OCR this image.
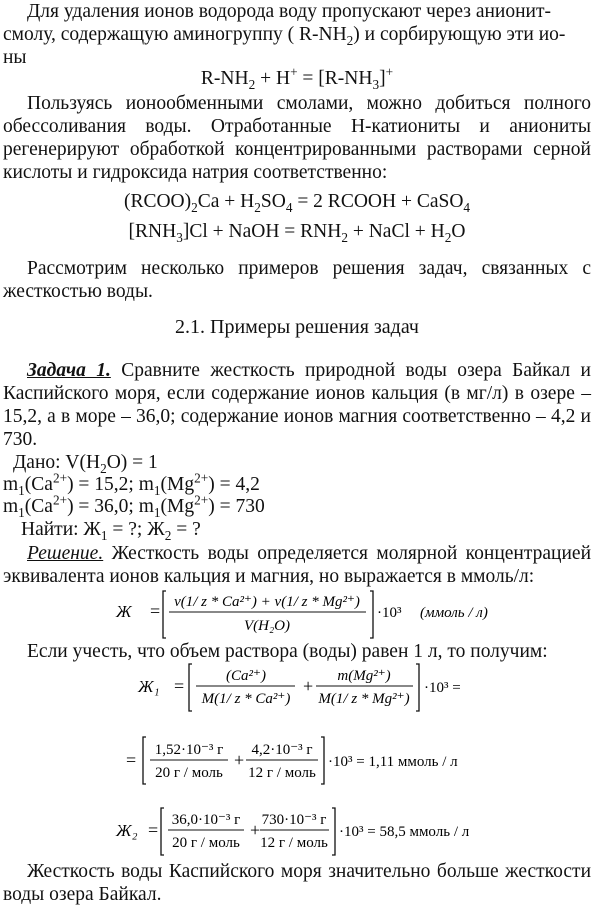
Для удаления ионов водорода воду пропускают через анионит-
смолу, содержащую аминогруппу ( $R-NH_2$) и сорбирующую эти ио-
ны
$R-NH_2 + H^+ = [R-NH_3]^+$

Пользуясь ионообменными смолами, можно добиться полного обессоливания воды. Отработанные Н-катиониты и аниониты регенерируют обработкой концентрированными растворами серной кислоты и гидроксида натрия соответственно:

$(RCOO)_2Ca + H_2SO_4 = 2$ RCOOH + CaSO$_4$
$[RNH_3]Cl$ + NaOH = $RNH_2$ + NaCl + $H_2O$

Рассмотрим несколько примеров решения задач, связанных с жесткостью воды.

2.1. Примеры решения задач

Задача 1. Сравните жесткость природной воды озера Байкал и Каспийского моря, если содержание ионов кальция (в мг/л) в озере – 15,2, а в море – 36,0; содержание ионов магния соответственно – 4,2 и 730.

Дано: $V(H_2O) = 1$
$m_1(Ca^{2+}) = 15,2$; $m_1(Mg^{2+}) = 4,2$
$m_1(Ca^{2+}) = 36,0$; $m_1(Mg^{2+}) = 730$
Найти: $Ж_1$ = ?; $Ж_2$ = ?

Решение. Жесткость воды определяется молярной концентрацией эквивалента ионов кальция и магния, но выражается в ммоль/л:

Ж = ν(1/ z * Ca²⁺) + ν(1/ z * Mg²⁺)
V(H₂O)
·10³ (ммоль / л)
Если учесть, что объем раствора (воды) равен 1 л, то получим:
Ж₁ =	(Ca²⁺)
M(1/ z * Ca²⁺)
+ m(Mg²⁺)
M(1/ z * Mg²⁺)
·10³ =
= 1,52·10⁻³ г
20 г / моль
+ 4,2·10⁻³ г
12 г / моль
·10³ = 1,11 ммоль / л
Ж₂ = 36,0·10⁻³ г
20 г / моль
+ 730·10⁻³ г
12 г / моль
·10³ = 58,5 ммоль / л

Жесткость воды Каспийского моря значительно больше жесткости воды озера Байкал.
